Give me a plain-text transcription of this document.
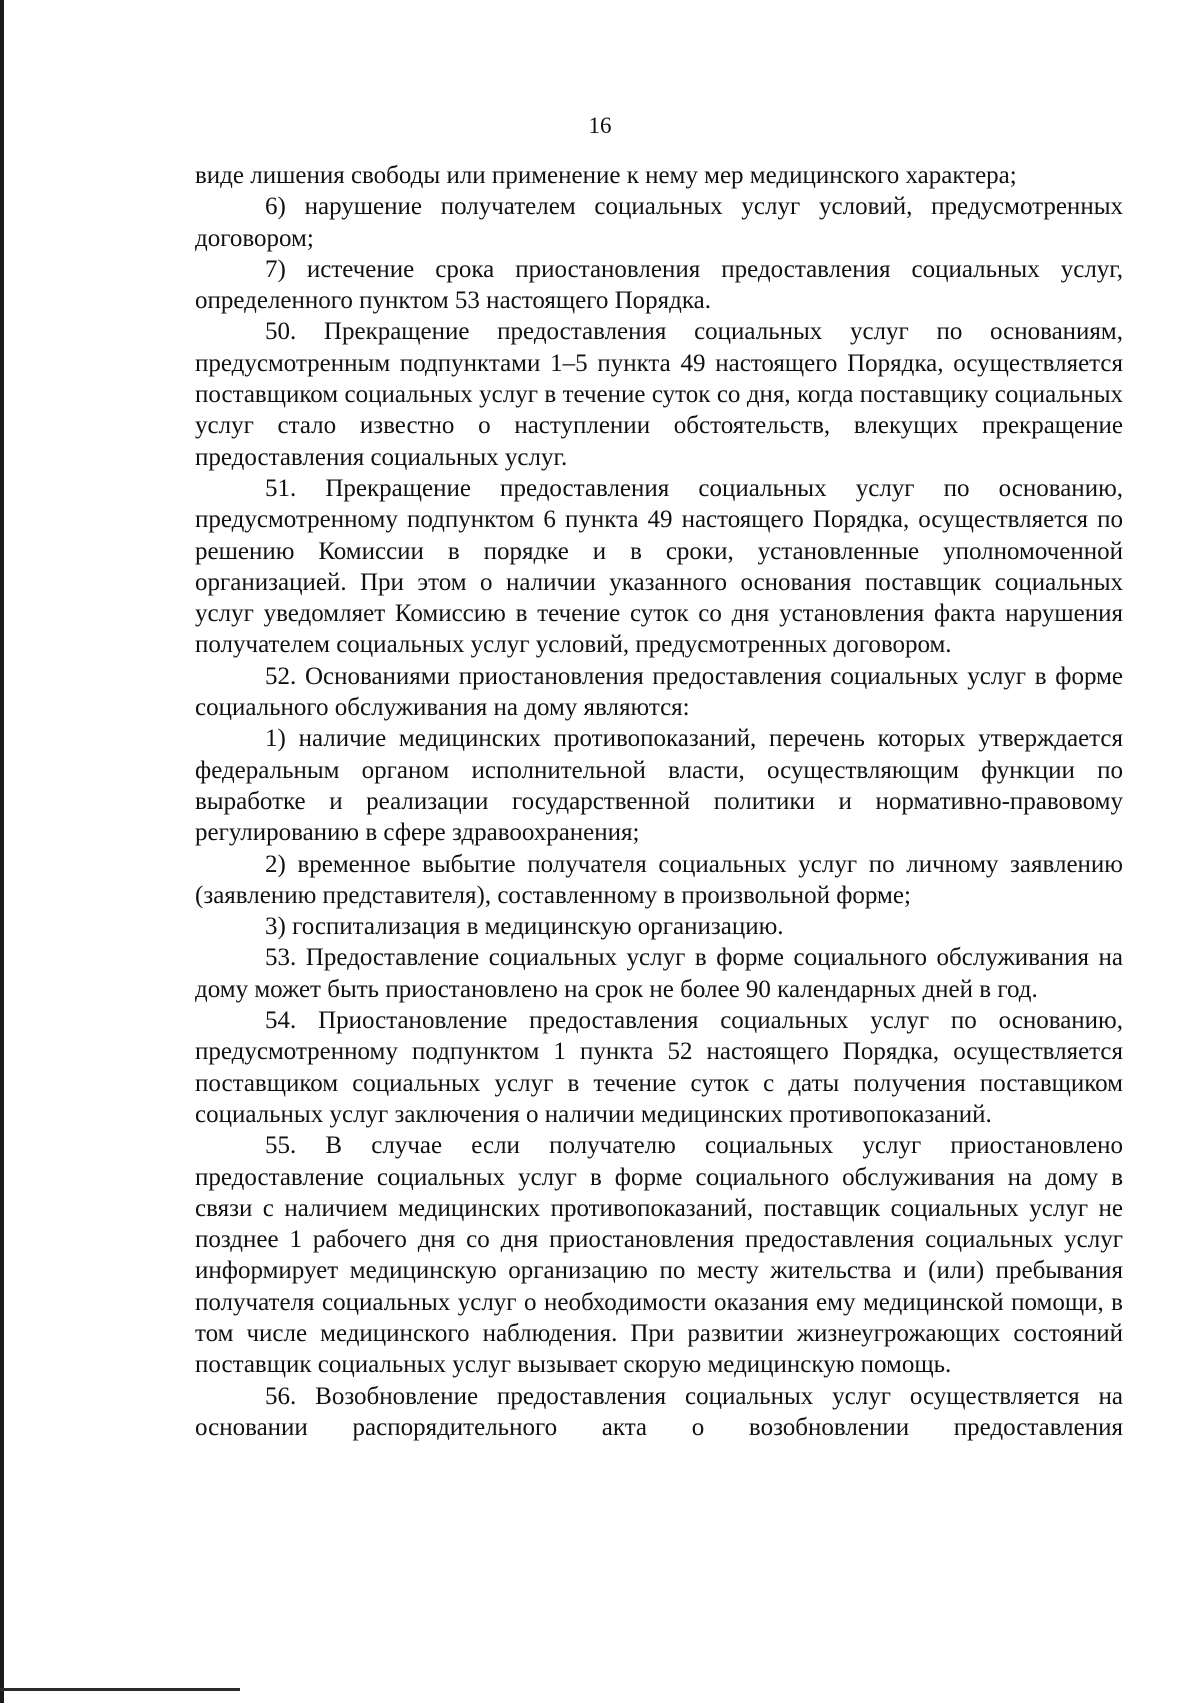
16

виде лишения свободы или применение к нему мер медицинского характера;

6) нарушение получателем социальных услуг условий, предусмотренных договором;

7) истечение срока приостановления предоставления социальных услуг, определенного пунктом 53 настоящего Порядка.

50. Прекращение предоставления социальных услуг по основаниям, предусмотренным подпунктами 1–5 пункта 49 настоящего Порядка, осуществляется поставщиком социальных услуг в течение суток со дня, когда поставщику социальных услуг стало известно о наступлении обстоятельств, влекущих прекращение предоставления социальных услуг.

51. Прекращение предоставления социальных услуг по основанию, предусмотренному подпунктом 6 пункта 49 настоящего Порядка, осуществляется по решению Комиссии в порядке и в сроки, установленные уполномоченной организацией. При этом о наличии указанного основания поставщик социальных услуг уведомляет Комиссию в течение суток со дня установления факта нарушения получателем социальных услуг условий, предусмотренных договором.

52. Основаниями приостановления предоставления социальных услуг в форме социального обслуживания на дому являются:

1) наличие медицинских противопоказаний, перечень которых утверждается федеральным органом исполнительной власти, осуществляющим функции по выработке и реализации государственной политики и нормативно-правовому регулированию в сфере здравоохранения;

2) временное выбытие получателя социальных услуг по личному заявлению (заявлению представителя), составленному в произвольной форме;

3) госпитализация в медицинскую организацию.

53. Предоставление социальных услуг в форме социального обслуживания на дому может быть приостановлено на срок не более 90 календарных дней в год.

54. Приостановление предоставления социальных услуг по основанию, предусмотренному подпунктом 1 пункта 52 настоящего Порядка, осуществляется поставщиком социальных услуг в течение суток с даты получения поставщиком социальных услуг заключения о наличии медицинских противопоказаний.

55. В случае если получателю социальных услуг приостановлено предоставление социальных услуг в форме социального обслуживания на дому в связи с наличием медицинских противопоказаний, поставщик социальных услуг не позднее 1 рабочего дня со дня приостановления предоставления социальных услуг информирует медицинскую организацию по месту жительства и (или) пребывания получателя социальных услуг о необходимости оказания ему медицинской помощи, в том числе медицинского наблюдения. При развитии жизнеугрожающих состояний поставщик социальных услуг вызывает скорую медицинскую помощь.

56. Возобновление предоставления социальных услуг осуществляется на основании распорядительного акта о возобновлении предоставления
